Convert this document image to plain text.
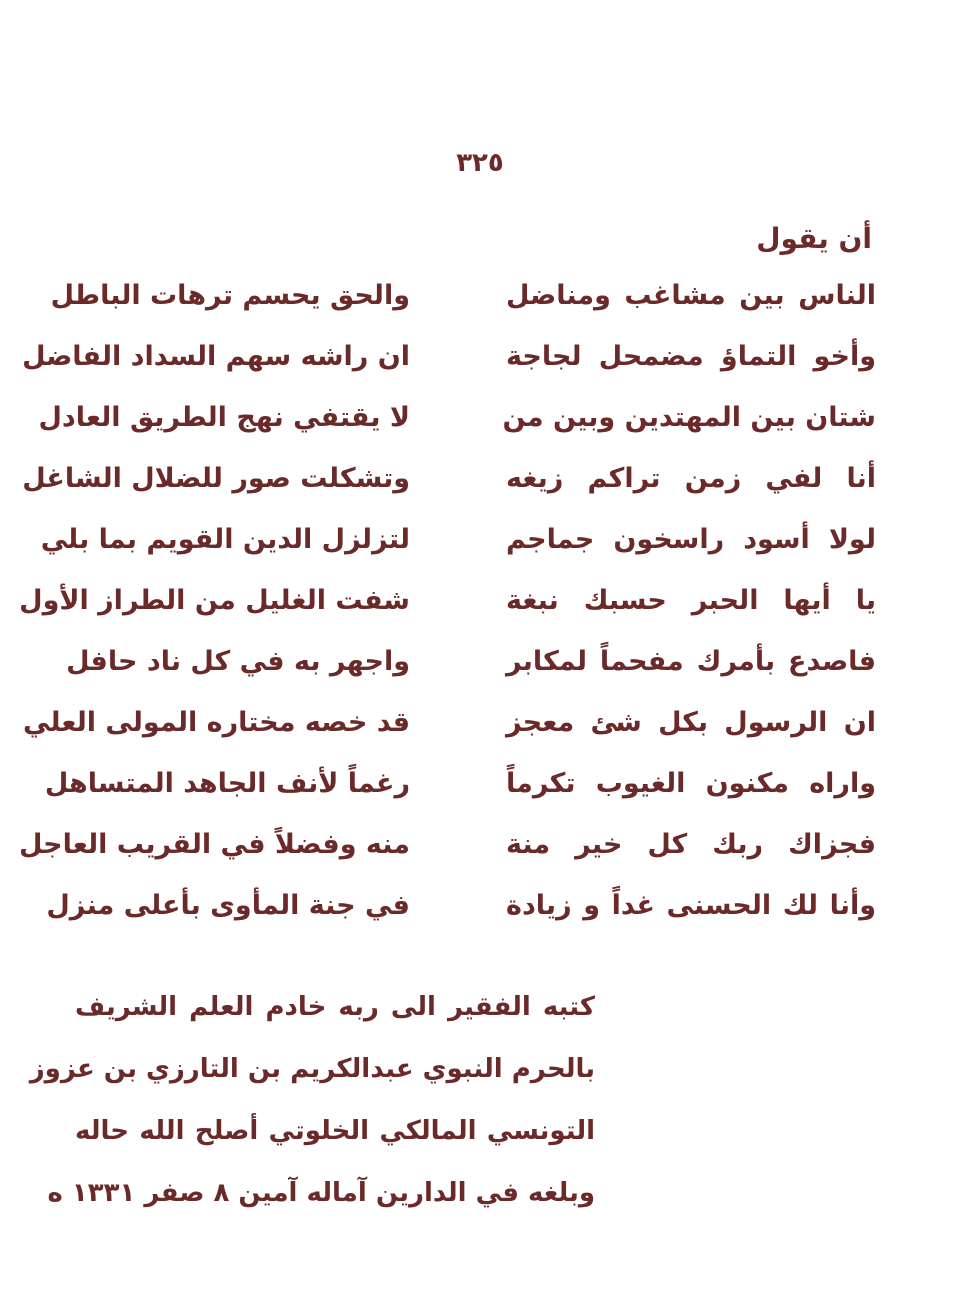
٣٢٥
أن يقول
الناس بين مشاغب ومناضل
والحق يحسم ترهات الباطل
وأخو التماؤ مضمحل لجاجة
ان راشه سهم السداد الفاضل
شتان بين المهتدين وبين من
لا يقتفي نهج الطريق العادل
أنا لفي زمن تراكم زيغه
وتشكلت صور للضلال الشاغل
لولا أسود راسخون جماجم
لتزلزل الدين القويم بما بلي
يا أيها الحبر حسبك نبغة
شفت الغليل من الطراز الأول
فاصدع بأمرك مفحماً لمكابر
واجهر به في كل ناد حافل
ان الرسول بكل شئ معجز
قد خصه مختاره المولى العلي
واراه مكنون الغيوب تكرماً
رغماً لأنف الجاهد المتساهل
فجزاك ربك كل خير منة
منه وفضلاً في القريب العاجل
وأنا لك الحسنى غداً و زيادة
في جنة المأوى بأعلى منزل
كتبه الفقير الى ربه خادم العلم الشريف
بالحرم النبوي عبدالكريم بن التارزي بن عزوز
التونسي المالكي الخلوتي أصلح الله حاله
وبلغه في الدارين آماله آمين ٨ صفر ١٣٣١ ه
